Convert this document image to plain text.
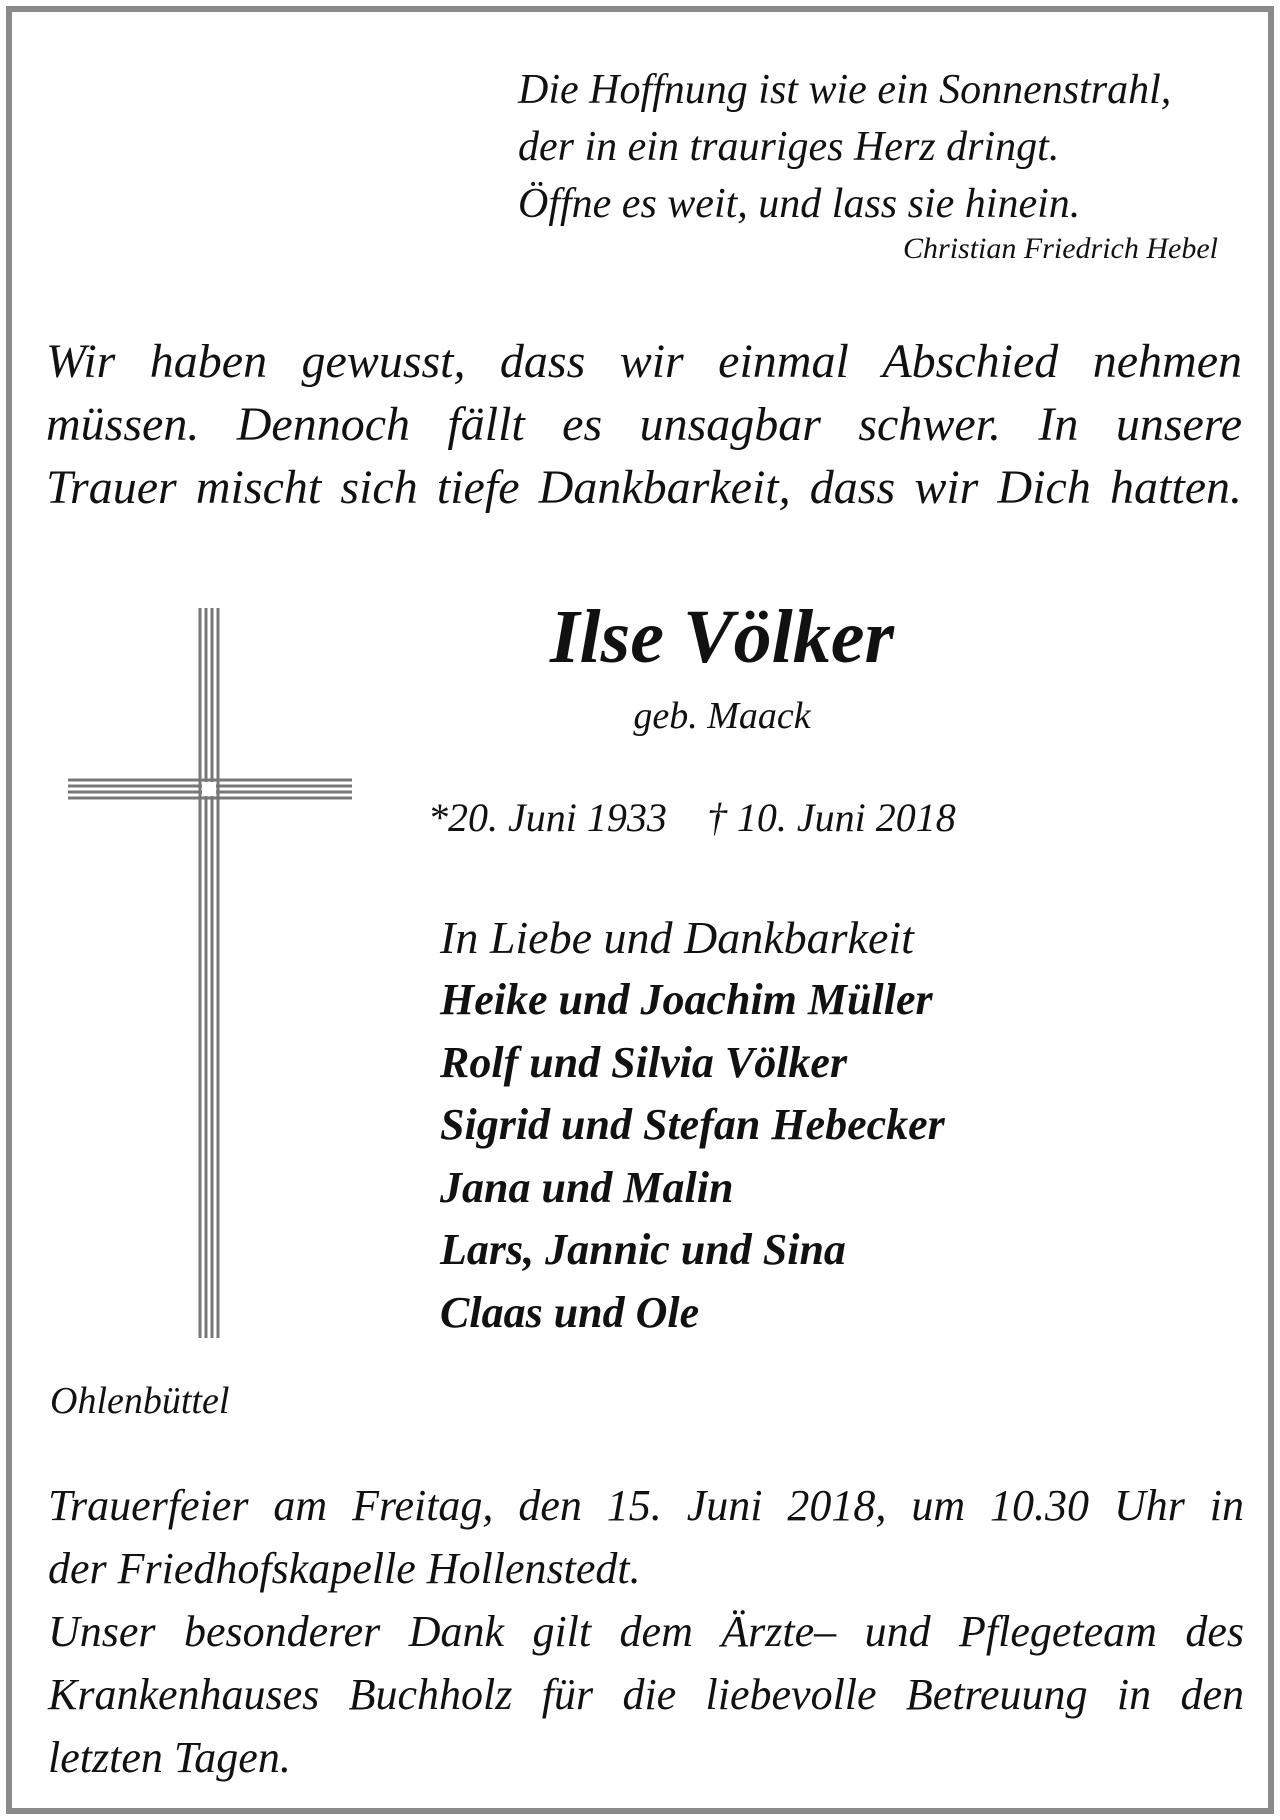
Die Hoffnung ist wie ein Sonnenstrahl,
der in ein trauriges Herz dringt.
Öffne es weit, und lass sie hinein.
Christian Friedrich Hebel
Wir haben gewusst, dass wir einmal Abschied nehmen
müssen. Dennoch fällt es unsagbar schwer. In unsere
Trauer mischt sich tiefe Dankbarkeit, dass wir Dich hatten.
Ilse Völker
geb. Maack
*20. Juni 1933 † 10. Juni 2018
In Liebe und Dankbarkeit
Heike und Joachim Müller
Rolf und Silvia Völker
Sigrid und Stefan Hebecker
Jana und Malin
Lars, Jannic und Sina
Claas und Ole
Ohlenbüttel
Trauerfeier am Freitag, den 15. Juni 2018, um 10.30 Uhr in
der Friedhofskapelle Hollenstedt.
Unser besonderer Dank gilt dem Ärzte– und Pflegeteam des
Krankenhauses Buchholz für die liebevolle Betreuung in den
letzten Tagen.
